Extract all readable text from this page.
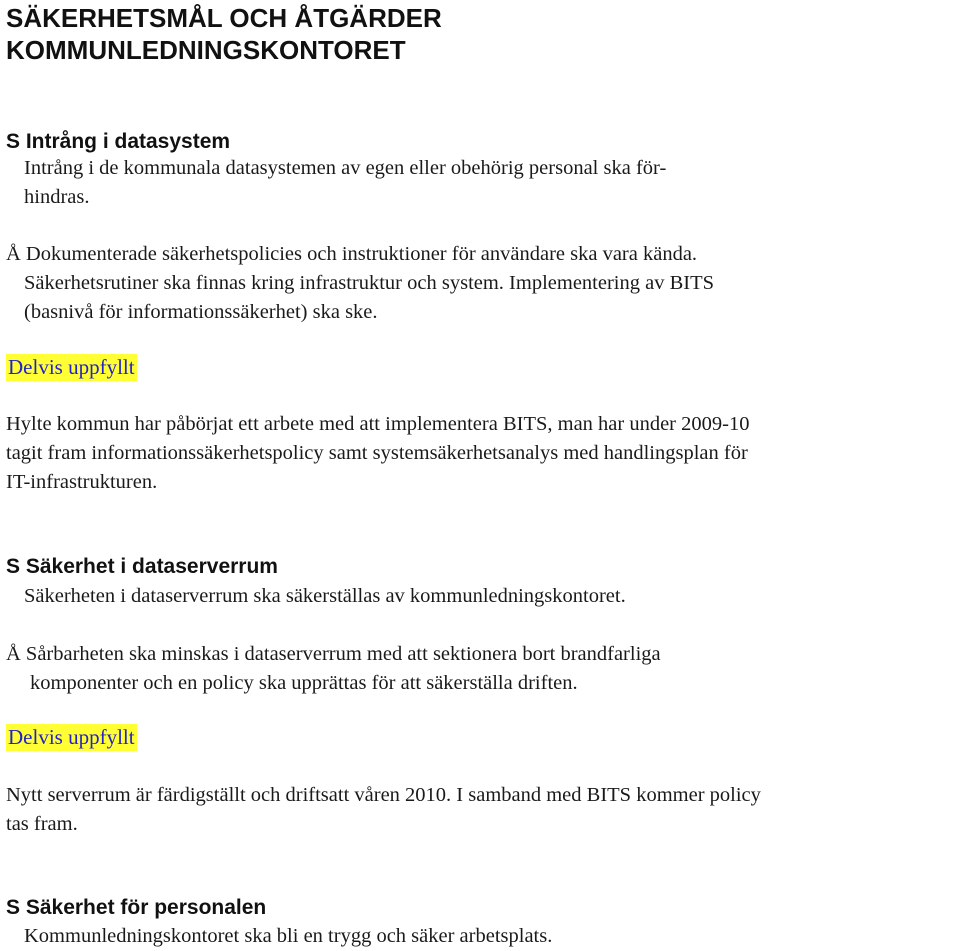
SÄKERHETSMÅL OCH ÅTGÄRDER
KOMMUNLEDNINGSKONTORET
S Intrång i datasystem

Intrång i de kommunala datasystemen av egen eller obehörig personal ska för-
hindras.

Å Dokumenterade säkerhetspolicies och instruktioner för användare ska vara kända.
Säkerhetsrutiner ska finnas kring infrastruktur och system. Implementering av BITS
(basnivå för informationssäkerhet) ska ske.

Delvis uppfyllt

Hylte kommun har påbörjat ett arbete med att implementera BITS, man har under 2009-10
tagit fram informationssäkerhetspolicy samt systemsäkerhetsanalys med handlingsplan för
IT-infrastrukturen.

S Säkerhet i dataserverrum

Säkerheten i dataserverrum ska säkerställas av kommunledningskontoret.

Å Sårbarheten ska minskas i dataserverrum med att sektionera bort brandfarliga
komponenter och en policy ska upprättas för att säkerställa driften.

Delvis uppfyllt

Nytt serverrum är färdigställt och driftsatt våren 2010. I samband med BITS kommer policy
tas fram.

S Säkerhet för personalen

Kommunledningskontoret ska bli en trygg och säker arbetsplats.
